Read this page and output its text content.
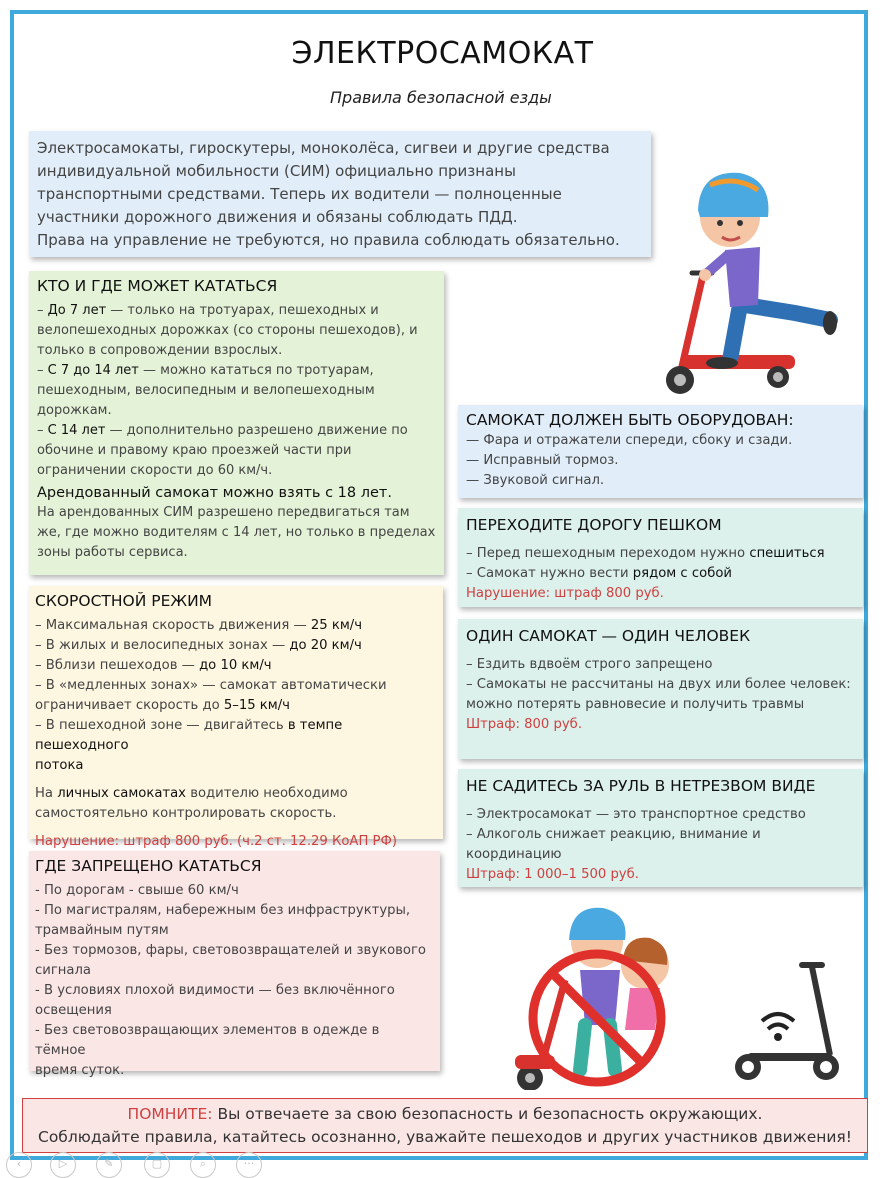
ЭЛЕКТРОСАМОКАТ
Правила безопасной езды
Электросамокаты, гироскутеры, моноколёса, сигвеи и другие средства
индивидуальной мобильности (СИМ) официально признаны
транспортными средствами. Теперь их водители — полноценные
участники дорожного движения и обязаны соблюдать ПДД.
Права на управление не требуются, но правила соблюдать обязательно.
КТО И ГДЕ МОЖЕТ КАТАТЬСЯ
– До 7 лет — только на тротуарах, пешеходных и
велопешеходных дорожках (со стороны пешеходов), и
только в сопровождении взрослых.
– С 7 до 14 лет — можно кататься по тротуарам,
пешеходным, велосипедным и велопешеходным
дорожкам.
– С 14 лет — дополнительно разрешено движение по
обочине и правому краю проезжей части при
ограничении скорости до 60 км/ч.
Арендованный самокат можно взять с 18 лет.
На арендованных СИМ разрешено передвигаться там
же, где можно водителям с 14 лет, но только в пределах
зоны работы сервиса.
СКОРОСТНОЙ РЕЖИМ
– Максимальная скорость движения — 25 км/ч
– В жилых и велосипедных зонах — до 20 км/ч
– Вблизи пешеходов — до 10 км/ч
– В «медленных зонах» — самокат автоматически
ограничивает скорость до 5–15 км/ч
– В пешеходной зоне — двигайтесь в темпе пешеходного
потока
На личных самокатах водителю необходимо
самостоятельно контролировать скорость.
Нарушение: штраф 800 руб. (ч.2 ст. 12.29 КоАП РФ)
ГДЕ ЗАПРЕЩЕНО КАТАТЬСЯ
- По дорогам - свыше 60 км/ч
- По магистралям, набережным без инфраструктуры,
трамвайным путям
- Без тормозов, фары, световозвращателей и звукового
сигнала
- В условиях плохой видимости — без включённого
освещения
- Без световозвращающих элементов в одежде в тёмное
время суток.
САМОКАТ ДОЛЖЕН БЫТЬ ОБОРУДОВАН:
— Фара и отражатели спереди, сбоку и сзади.
— Исправный тормоз.
— Звуковой сигнал.
ПЕРЕХОДИТЕ ДОРОГУ ПЕШКОМ
– Перед пешеходным переходом нужно спешиться
– Самокат нужно вести рядом с собой
Нарушение: штраф 800 руб.
ОДИН САМОКАТ — ОДИН ЧЕЛОВЕК
– Ездить вдвоём строго запрещено
– Самокаты не рассчитаны на двух или более человек:
можно потерять равновесие и получить травмы
Штраф: 800 руб.
НЕ САДИТЕСЬ ЗА РУЛЬ В НЕТРЕЗВОМ ВИДЕ
– Электросамокат — это транспортное средство
– Алкоголь снижает реакцию, внимание и
координацию
Штраф: 1 000–1 500 руб.
ПОМНИТЕ: Вы отвечаете за свою безопасность и безопасность окружающих.
Соблюдайте правила, катайтесь осознанно, уважайте пешеходов и других участников движения!
‹	▷	✎	▢	⌕	···
